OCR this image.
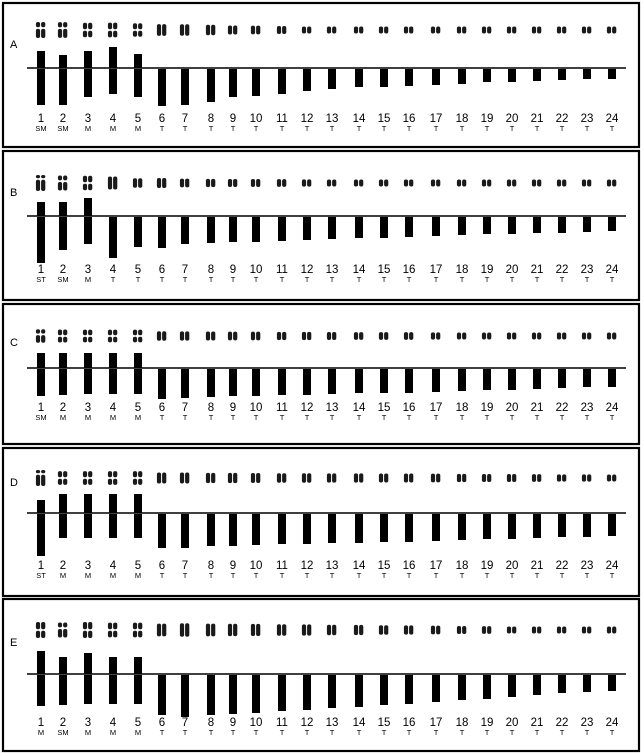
A
1
SM
2
SM
3
M
4
M
5
M
6
T
7
T
8
T
9
T
10
T
11
T
12
T
13
T
14
T
15
T
16
T
17
T
18
T
19
T
20
T
21
T
22
T
23
T
24
T
B
1
ST
2
SM
3
M
4
T
5
T
6
T
7
T
8
T
9
T
10
T
11
T
12
T
13
T
14
T
15
T
16
T
17
T
18
T
19
T
20
T
21
T
22
T
23
T
24
T
C
1
SM
2
M
3
M
4
M
5
M
6
T
7
T
8
T
9
T
10
T
11
T
12
T
13
T
14
T
15
T
16
T
17
T
18
T
19
T
20
T
21
T
22
T
23
T
24
T
D
1
ST
2
M
3
M
4
M
5
M
6
T
7
T
8
T
9
T
10
T
11
T
12
T
13
T
14
T
15
T
16
T
17
T
18
T
19
T
20
T
21
T
22
T
23
T
24
T
E
1
M
2
SM
3
M
4
M
5
M
6
T
7
T
8
T
9
T
10
T
11
T
12
T
13
T
14
T
15
T
16
T
17
T
18
T
19
T
20
T
21
T
22
T
23
T
24
T
